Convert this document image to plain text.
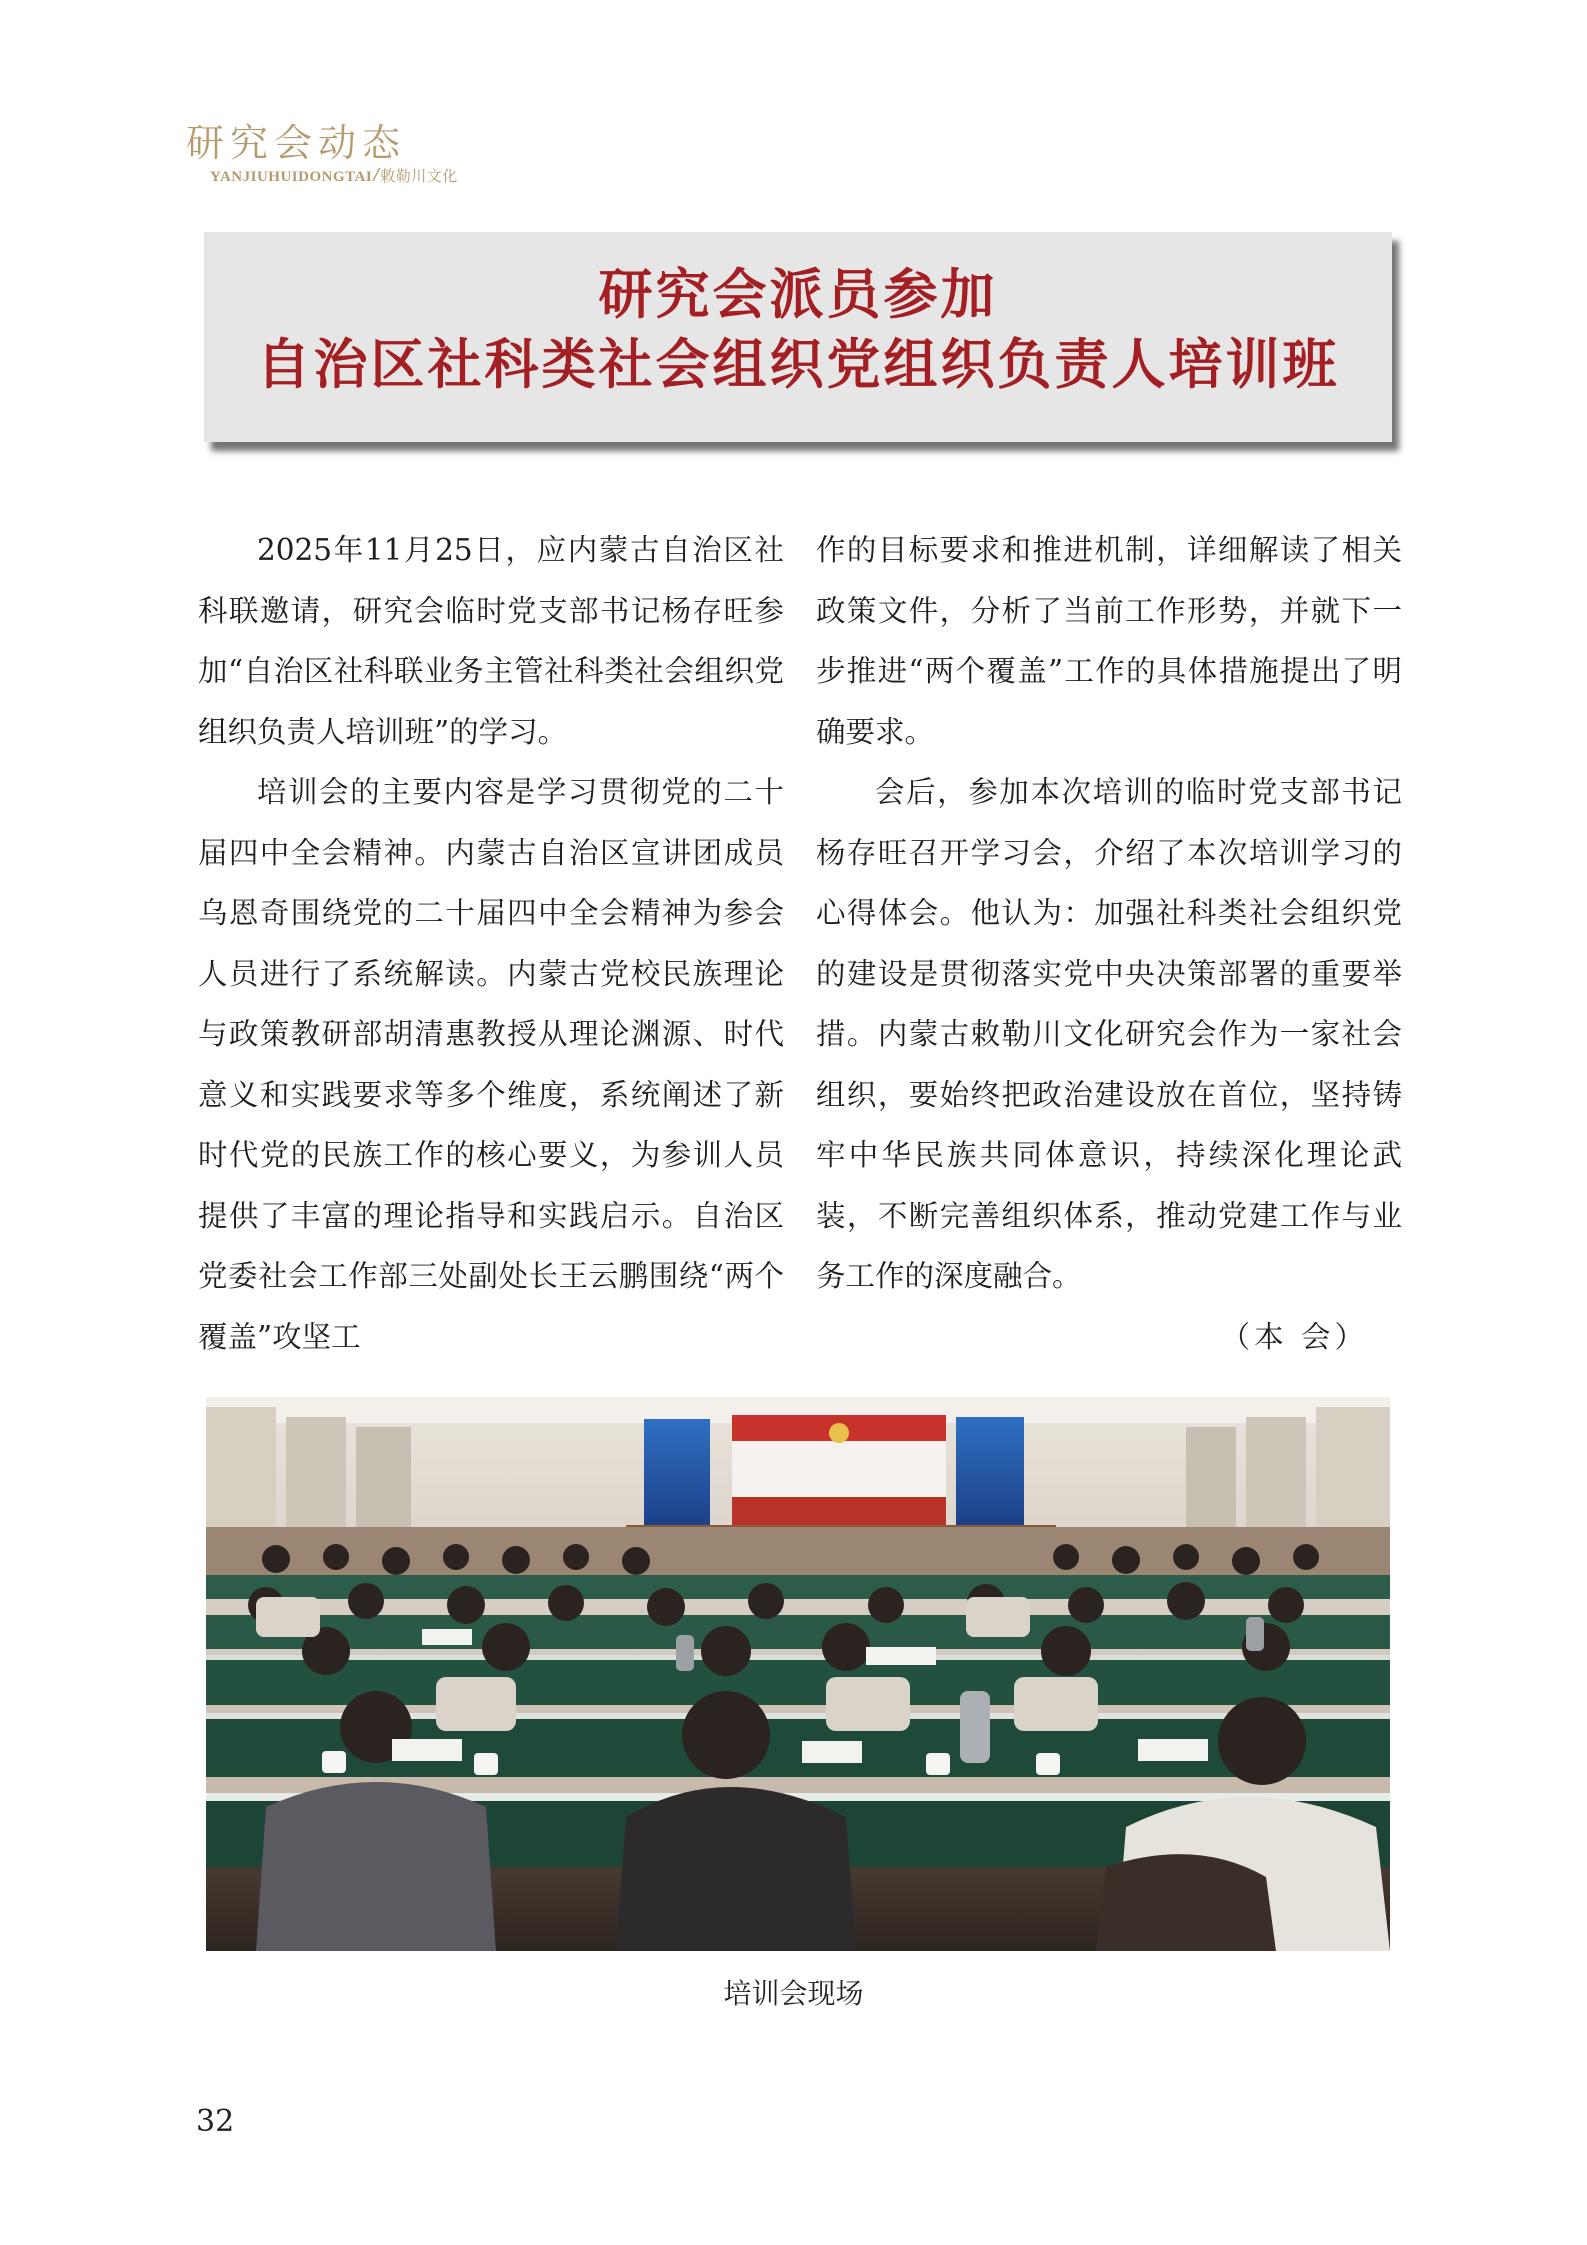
研究会动态
YANJIUHUIDONGTAI/敕勒川文化
研究会派员参加
自治区社科类社会组织党组织负责人培训班

2025年11月25日，应内蒙古自治区社科联邀请，研究会临时党支部书记杨存旺参加“自治区社科联业务主管社科类社会组织党组织负责人培训班”的学习。

培训会的主要内容是学习贯彻党的二十届四中全会精神。内蒙古自治区宣讲团成员乌恩奇围绕党的二十届四中全会精神为参会人员进行了系统解读。内蒙古党校民族理论与政策教研部胡清惠教授从理论渊源、时代意义和实践要求等多个维度，系统阐述了新时代党的民族工作的核心要义，为参训人员提供了丰富的理论指导和实践启示。自治区党委社会工作部三处副处长王云鹏围绕“两个覆盖”攻坚工

作的目标要求和推进机制，详细解读了相关政策文件，分析了当前工作形势，并就下一步推进“两个覆盖”工作的具体措施提出了明确要求。

会后，参加本次培训的临时党支部书记杨存旺召开学习会，介绍了本次培训学习的心得体会。他认为：加强社科类社会组织党的建设是贯彻落实党中央决策部署的重要举措。内蒙古敕勒川文化研究会作为一家社会组织，要始终把政治建设放在首位，坚持铸牢中华民族共同体意识，持续深化理论武装，不断完善组织体系，推动党建工作与业务工作的深度融合。

（本 会）

培训会现场
32
